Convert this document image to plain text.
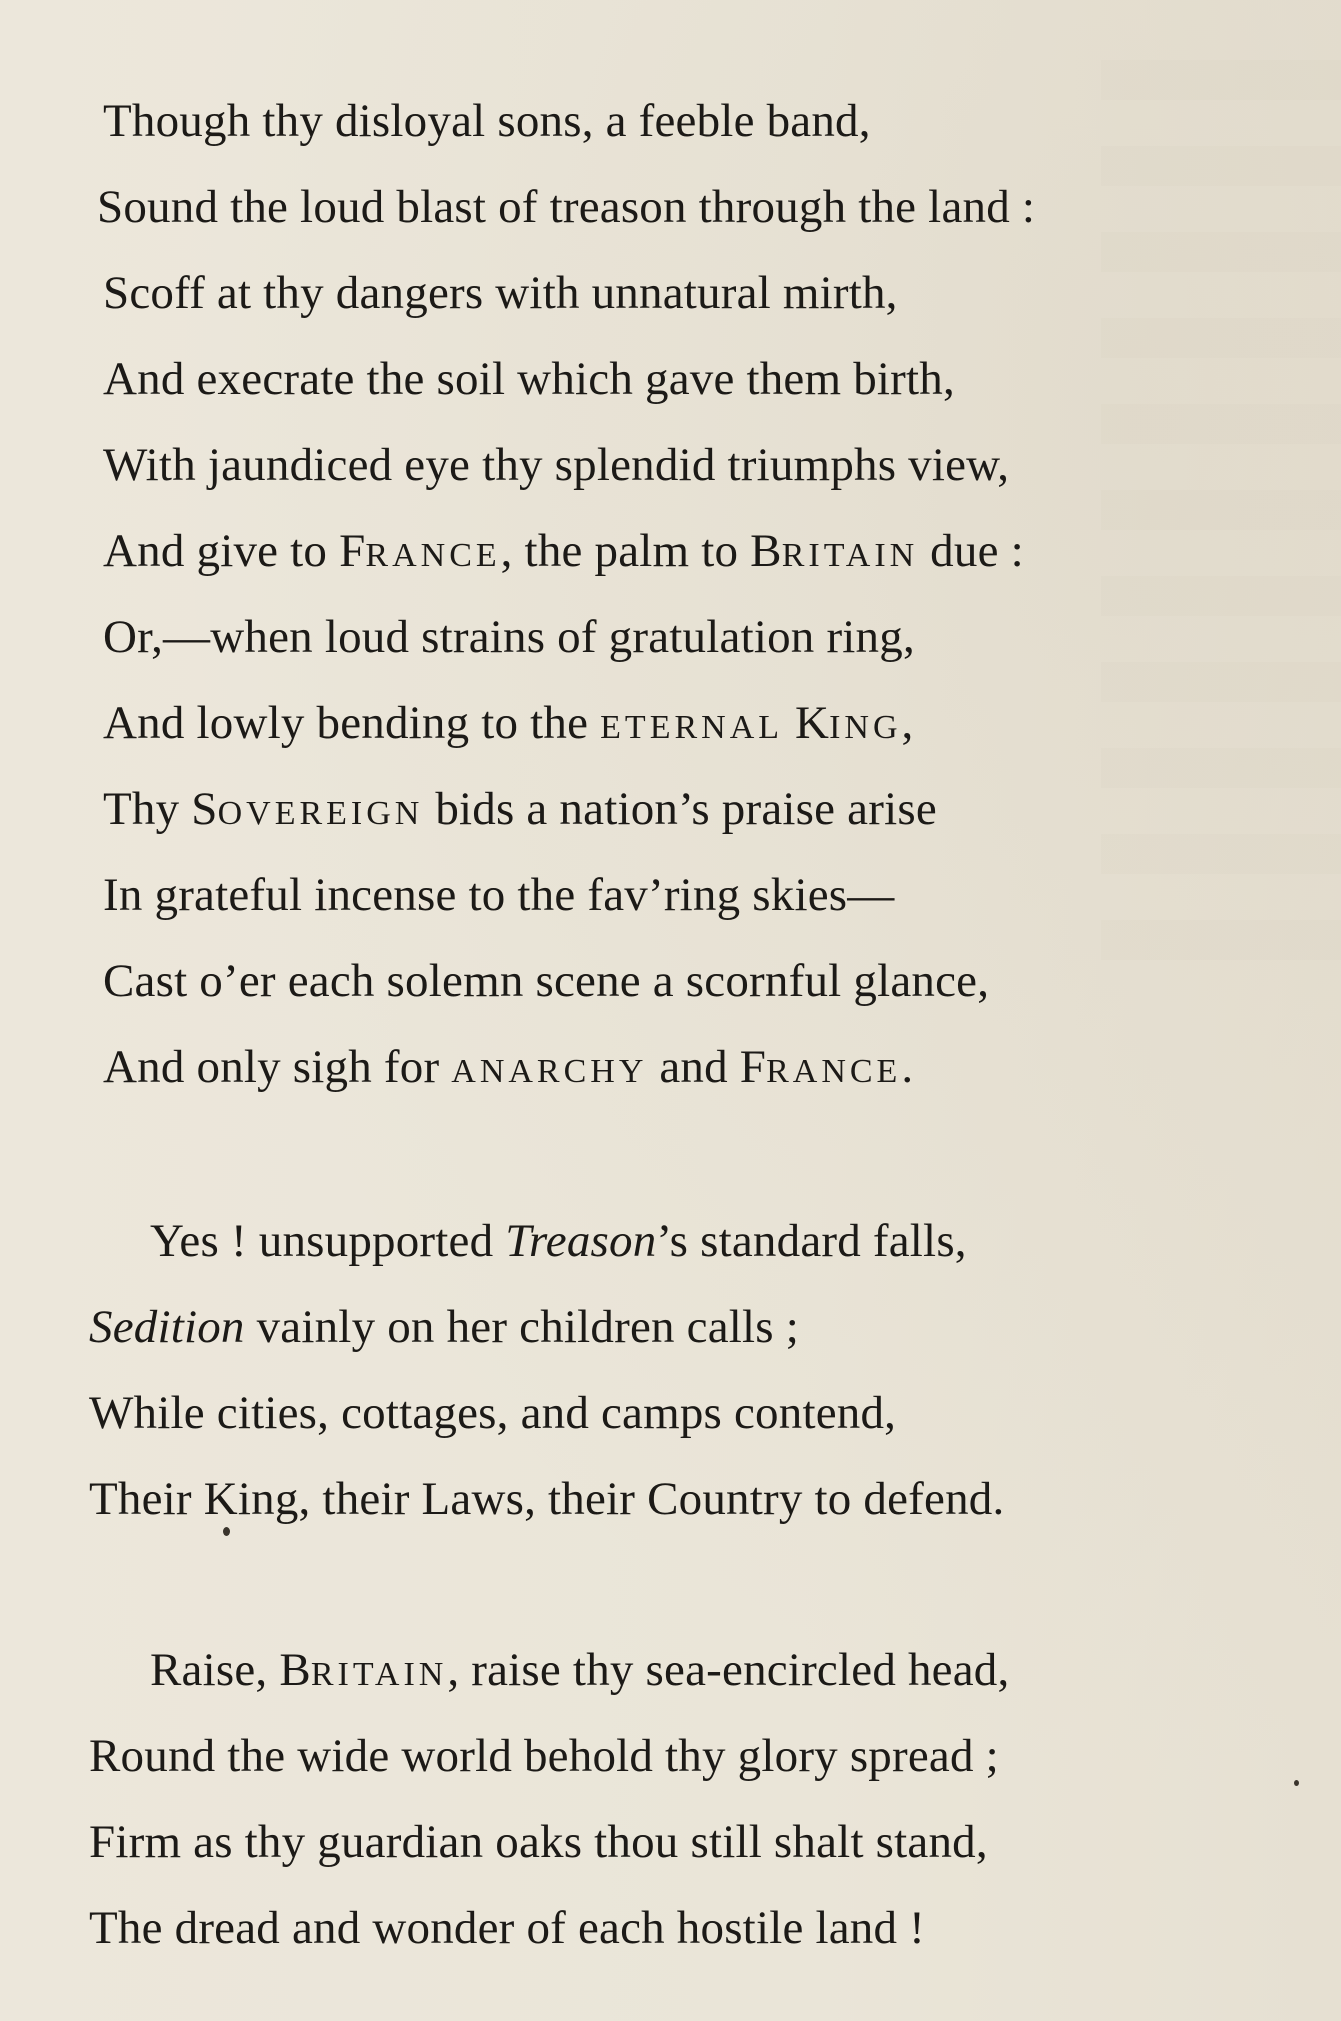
Though thy disloyal sons, a feeble band,
Sound the loud blast of treason through the land :
Scoff at thy dangers with unnatural mirth,
And execrate the soil which gave them birth,
With jaundiced eye thy splendid triumphs view,
And give to FRANCE, the palm to BRITAIN due :
Or,—when loud strains of gratulation ring,
And lowly bending to the ETERNAL KING,
Thy SOVEREIGN bids a nation’s praise arise
In grateful incense to the fav’ring skies—
Cast o’er each solemn scene a scornful glance,
And only sigh for ANARCHY and FRANCE.
Yes ! unsupported Treason’s standard falls,
Sedition vainly on her children calls ;
While cities, cottages, and camps contend,
Their King, their Laws, their Country to defend.
Raise, BRITAIN, raise thy sea-encircled head,
Round the wide world behold thy glory spread ;
Firm as thy guardian oaks thou still shalt stand,
The dread and wonder of each hostile land !
